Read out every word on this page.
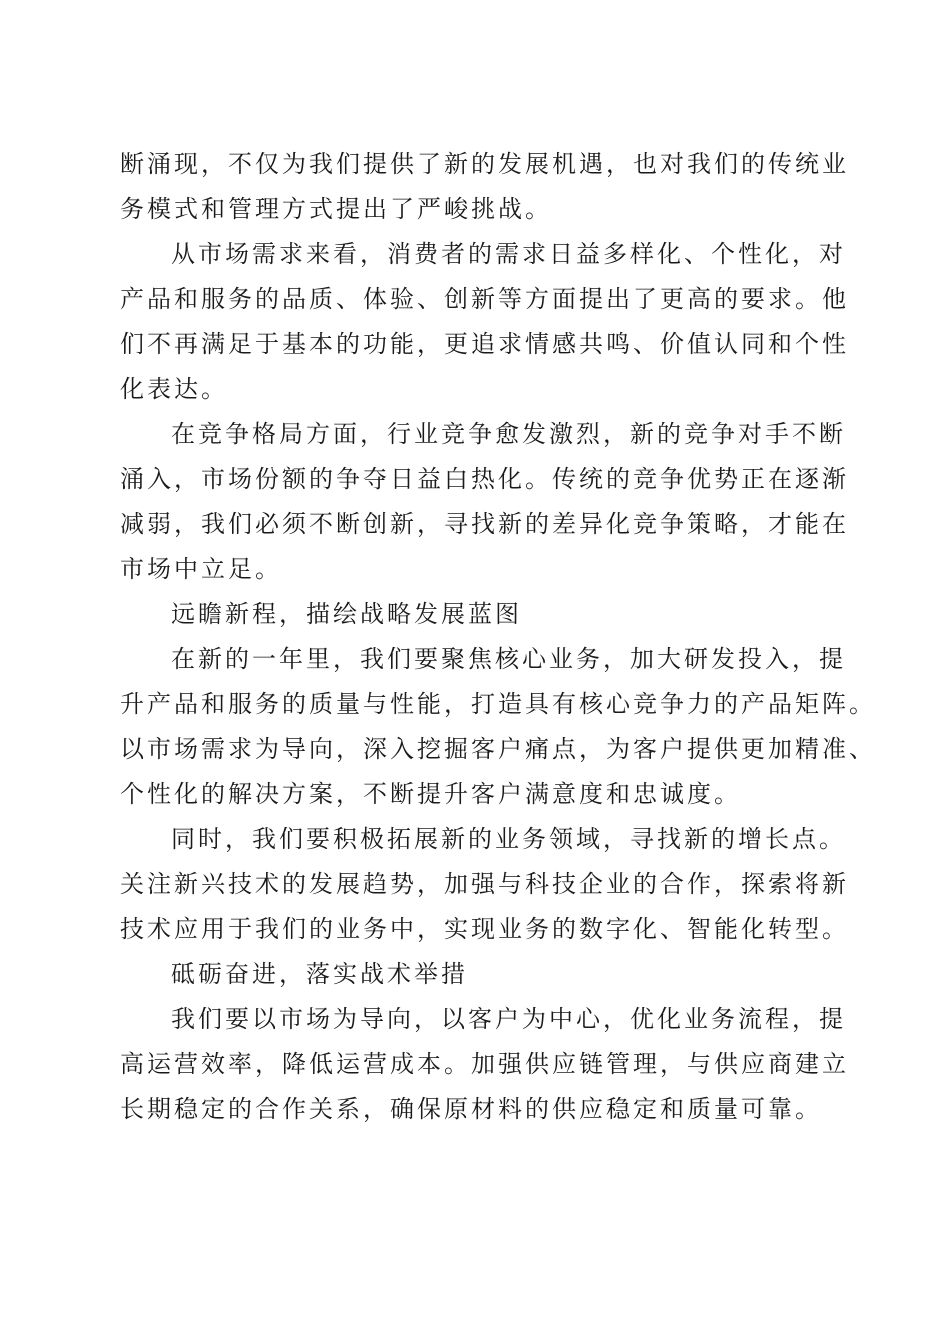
断涌现，不仅为我们提供了新的发展机遇，也对我们的传统业
务模式和管理方式提出了严峻挑战。

从市场需求来看，消费者的需求日益多样化、个性化，对
产品和服务的品质、体验、创新等方面提出了更高的要求。他
们不再满足于基本的功能，更追求情感共鸣、价值认同和个性
化表达。

在竞争格局方面，行业竞争愈发激烈，新的竞争对手不断
涌入，市场份额的争夺日益白热化。传统的竞争优势正在逐渐
减弱，我们必须不断创新，寻找新的差异化竞争策略，才能在
市场中立足。

远瞻新程，描绘战略发展蓝图

在新的一年里，我们要聚焦核心业务，加大研发投入，提
升产品和服务的质量与性能，打造具有核心竞争力的产品矩阵。
以市场需求为导向，深入挖掘客户痛点，为客户提供更加精准、
个性化的解决方案，不断提升客户满意度和忠诚度。

同时，我们要积极拓展新的业务领域，寻找新的增长点。
关注新兴技术的发展趋势，加强与科技企业的合作，探索将新
技术应用于我们的业务中，实现业务的数字化、智能化转型。

砥砺奋进，落实战术举措

我们要以市场为导向，以客户为中心，优化业务流程，提
高运营效率，降低运营成本。加强供应链管理，与供应商建立
长期稳定的合作关系，确保原材料的供应稳定和质量可靠。
